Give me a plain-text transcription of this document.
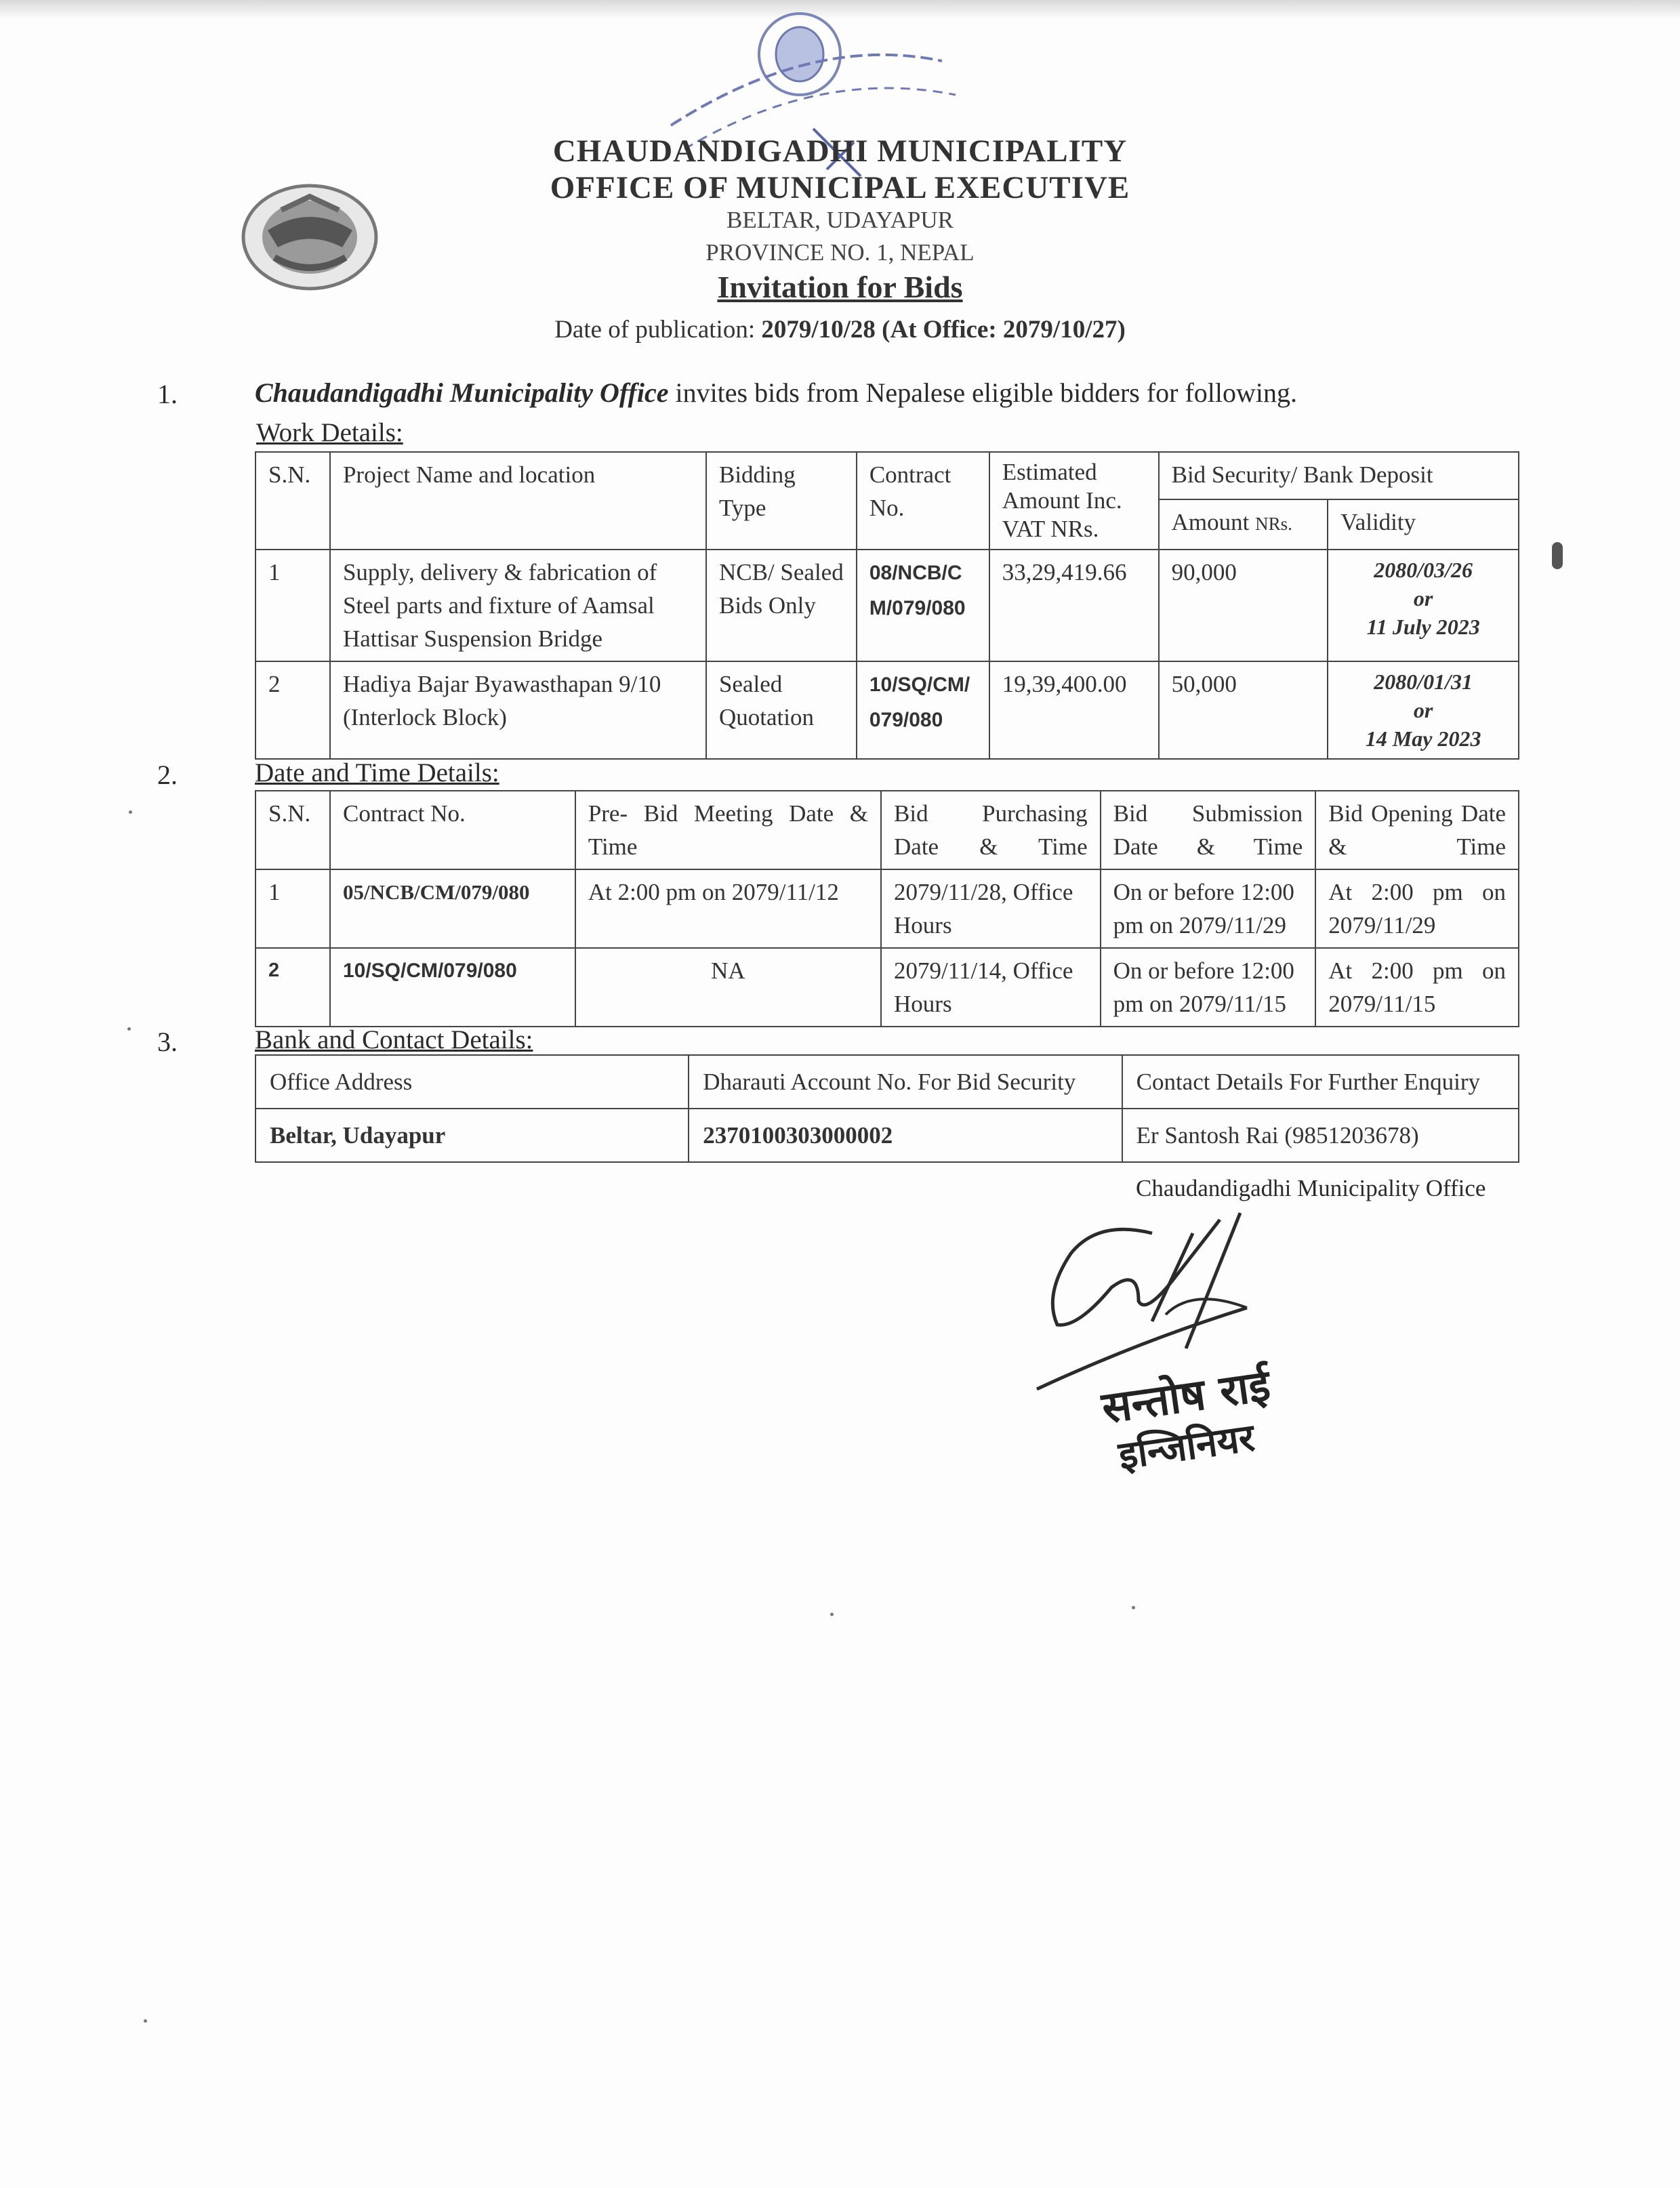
CHAUDANDIGADHI MUNICIPALITY
OFFICE OF MUNICIPAL EXECUTIVE
BELTAR, UDAYAPUR
PROVINCE NO. 1, NEPAL
Invitation for Bids
Date of publication: 2079/10/28 (At Office: 2079/10/27)
1.	Chaudandigadhi Municipality Office invites bids from Nepalese eligible bidders for following.
Work Details:
S.N.	Project Name and location	Bidding Type	Contract No.	Estimated Amount Inc. VAT NRs.	Bid Security/ Bank Deposit	
					Amount NRs.	Validity
1	Supply, delivery & fabrication of Steel parts and fixture of Aamsal Hattisar Suspension Bridge	NCB/ Sealed Bids Only	08/NCB/CM/079/080	33,29,419.66	90,000	2080/03/26
or
11 July 2023

2	Hadiya Bajar Byawasthapan 9/10 (Interlock Block)	Sealed Quotation	10/SQ/CM/079/080	19,39,400.00	50,000	2080/01/31
or
14 May 2023
2.	Date and Time Details:
S.N.	Contract No.	Pre- Bid Meeting Date & Time	Bid Purchasing Date & Time	Bid Submission Date & Time	Bid Opening Date & Time
1	05/NCB/CM/079/080	At 2:00 pm on 2079/11/12	2079/11/28, Office Hours	On or before 12:00 pm on 2079/11/29	At 2:00 pm on 2079/11/29
2	10/SQ/CM/079/080	NA	2079/11/14, Office Hours	On or before 12:00 pm on 2079/11/15	At 2:00 pm on 2079/11/15
3.	Bank and Contact Details:
Office Address	Dharauti Account No. For Bid Security	Contact Details For Further Enquiry
Beltar, Udayapur	2370100303000002	Er Santosh Rai (9851203678)
Chaudandigadhi Municipality Office
सन्तोष राई
इन्जिनियर
